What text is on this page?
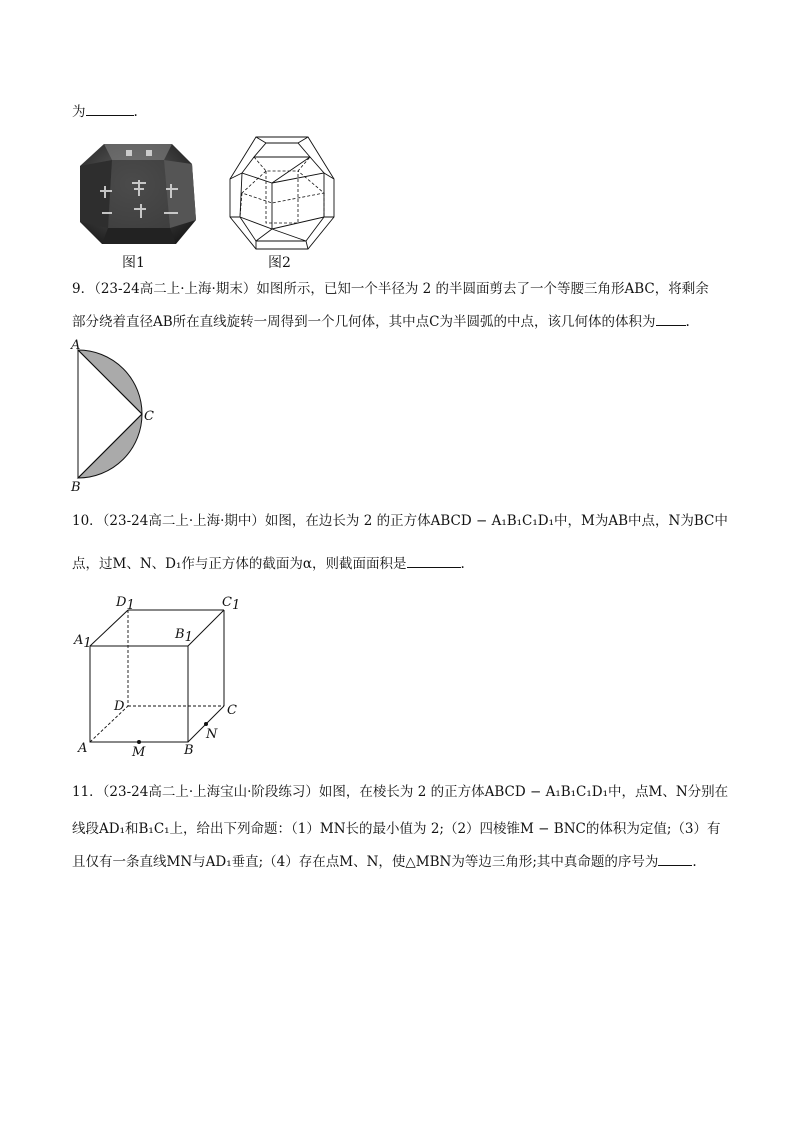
为	.
图1	图2
9．（23-24高二上·上海·期末）如图所示，已知一个半径为 2 的半圆面剪去了一个等腰三角形ABC，将剩余
部分绕着直径AB所在直线旋转一周得到一个几何体，其中点C为半圆弧的中点，该几何体的体积为 .
A
B
C
10．（23-24高二上·上海·期中）如图，在边长为 2 的正方体ABCD − A₁B₁C₁D₁中，M为AB中点，N为BC中
点，过M、N、D₁作与正方体的截面为α，则截面面积是	.
D1	C1
A1
B1
D	C
A	M	B
N
11．（23-24高二上·上海宝山·阶段练习）如图，在棱长为 2 的正方体ABCD − A₁B₁C₁D₁中，点M、N分别在
线段AD₁和B₁C₁上，给出下列命题：（1）MN长的最小值为 2;（2）四棱锥M − BNC的体积为定值;（3）有
且仅有一条直线MN与AD₁垂直;（4）存在点M、N，使△MBN为等边三角形;其中真命题的序号为	.
